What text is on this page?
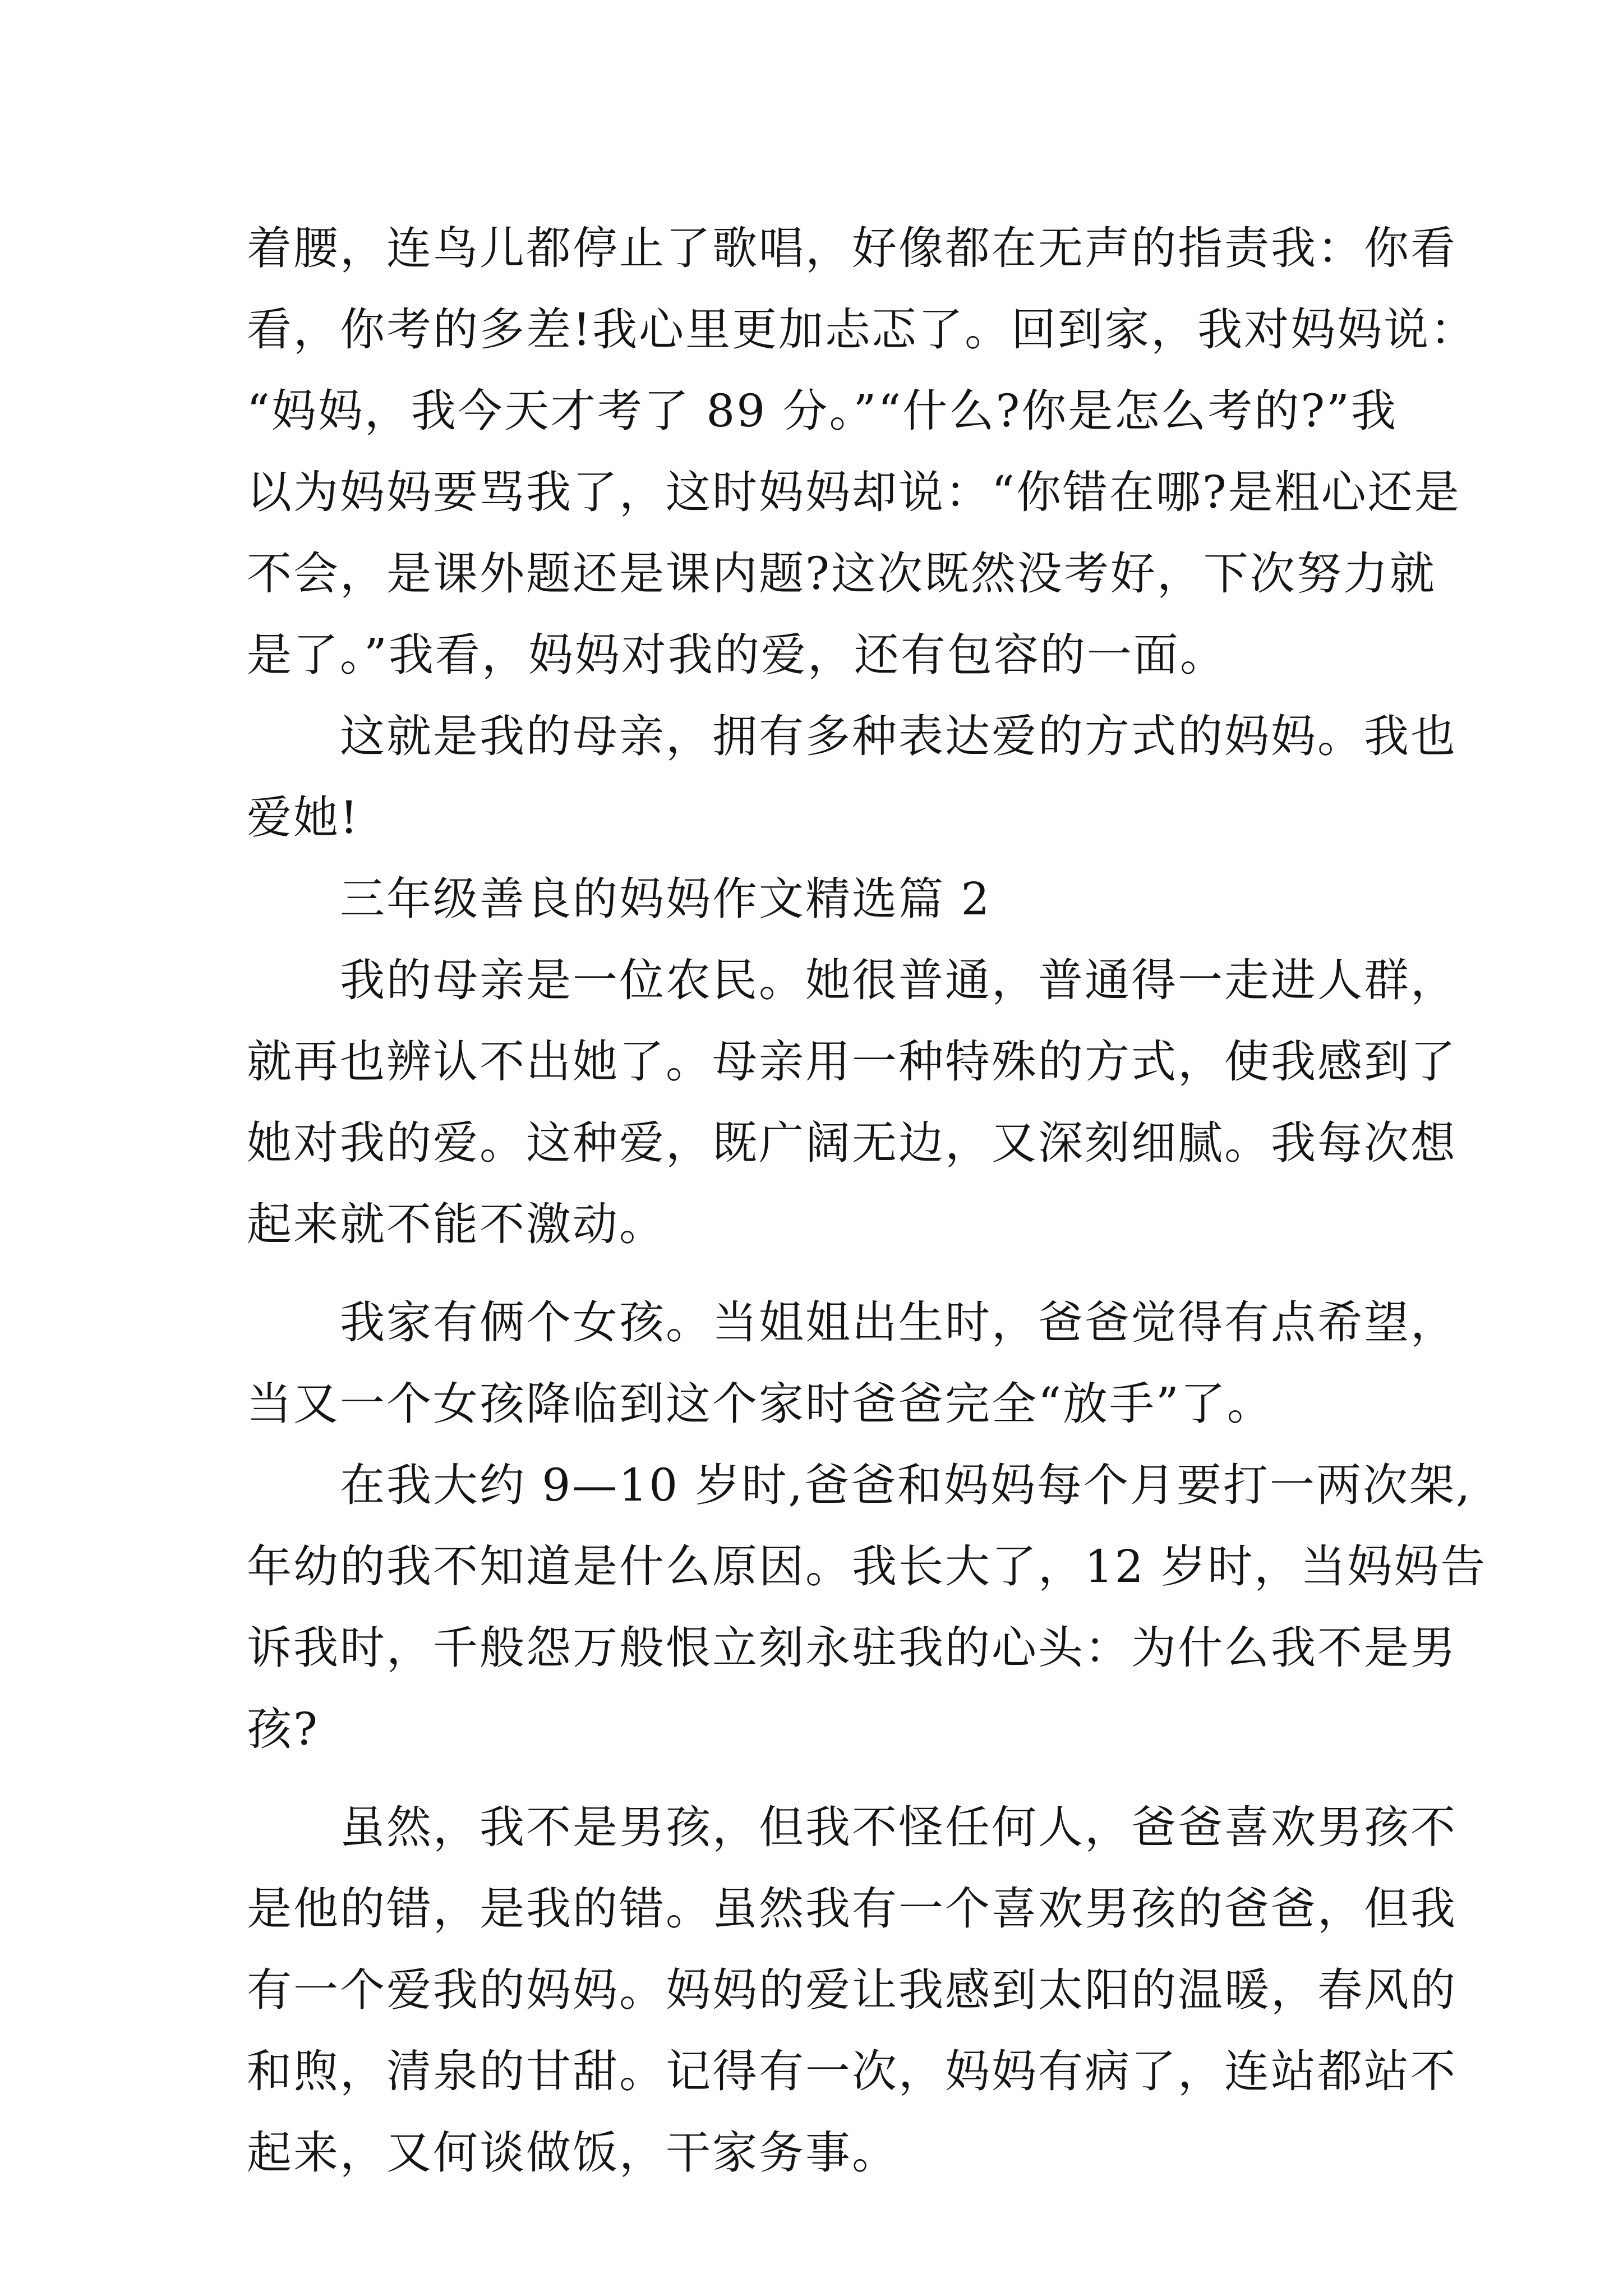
着腰，连鸟儿都停止了歌唱，好像都在无声的指责我：你看
看，你考的多差!我心里更加忐忑了。回到家，我对妈妈说：
“妈妈，我今天才考了 89 分。”“什么?你是怎么考的?”我
以为妈妈要骂我了，这时妈妈却说：“你错在哪?是粗心还是
不会，是课外题还是课内题?这次既然没考好，下次努力就
是了。”我看，妈妈对我的爱，还有包容的一面。
　　这就是我的母亲，拥有多种表达爱的方式的妈妈。我也
爱她!
　　三年级善良的妈妈作文精选篇 2
　　我的母亲是一位农民。她很普通，普通得一走进人群，
就再也辨认不出她了。母亲用一种特殊的方式，使我感到了
她对我的爱。这种爱，既广阔无边，又深刻细腻。我每次想
起来就不能不激动。
　　我家有俩个女孩。当姐姐出生时，爸爸觉得有点希望，
当又一个女孩降临到这个家时爸爸完全“放手”了。
　　在我大约 9—10 岁时,爸爸和妈妈每个月要打一两次架,
年幼的我不知道是什么原因。我长大了，12 岁时，当妈妈告
诉我时，千般怨万般恨立刻永驻我的心头：为什么我不是男
孩?
　　虽然，我不是男孩，但我不怪任何人，爸爸喜欢男孩不
是他的错，是我的错。虽然我有一个喜欢男孩的爸爸，但我
有一个爱我的妈妈。妈妈的爱让我感到太阳的温暖，春风的
和煦，清泉的甘甜。记得有一次，妈妈有病了，连站都站不
起来，又何谈做饭，干家务事。
